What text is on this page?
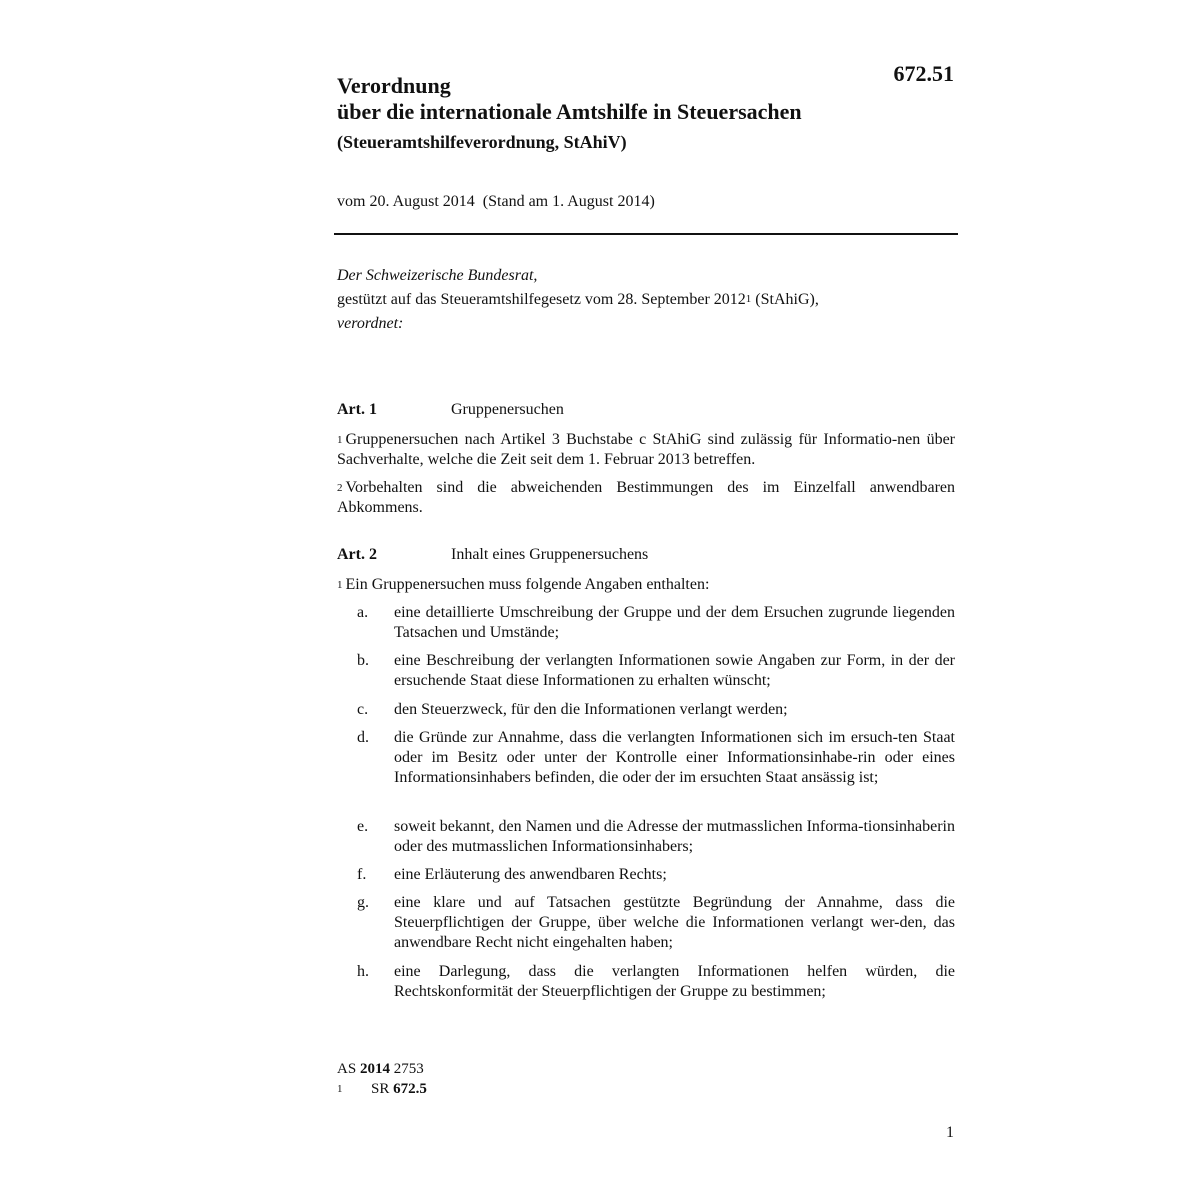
672.51
Verordnung
über die internationale Amtshilfe in Steuersachen
(Steueramtshilfeverordnung, StAhiV)
vom 20. August 2014  (Stand am 1. August 2014)
Der Schweizerische Bundesrat,
gestützt auf das Steueramtshilfegesetz vom 28. September 2012$^1$ (StAhiG),
verordnet:
Art. 1	Gruppenersuchen
$^1$ Gruppenersuchen nach Artikel 3 Buchstabe c StAhiG sind zulässig für Informatio-nen über Sachverhalte, welche die Zeit seit dem 1. Februar 2013 betreffen.
$^2$ Vorbehalten sind die abweichenden Bestimmungen des im Einzelfall anwendbaren Abkommens.
Art. 2	Inhalt eines Gruppenersuchens
$^1$ Ein Gruppenersuchen muss folgende Angaben enthalten:
a.	eine detaillierte Umschreibung der Gruppe und der dem Ersuchen zugrunde liegenden Tatsachen und Umstände;
b.	eine Beschreibung der verlangten Informationen sowie Angaben zur Form, in der der ersuchende Staat diese Informationen zu erhalten wünscht;
c.	den Steuerzweck, für den die Informationen verlangt werden;
d.	die Gründe zur Annahme, dass die verlangten Informationen sich im ersuch-ten Staat oder im Besitz oder unter der Kontrolle einer Informationsinhabe-rin oder eines Informationsinhabers befinden, die oder der im ersuchten Staat ansässig ist;
e.	soweit bekannt, den Namen und die Adresse der mutmasslichen Informa-tionsinhaberin oder des mutmasslichen Informationsinhabers;
f.	eine Erläuterung des anwendbaren Rechts;
g.	eine klare und auf Tatsachen gestützte Begründung der Annahme, dass die Steuerpflichtigen der Gruppe, über welche die Informationen verlangt wer-den, das anwendbare Recht nicht eingehalten haben;
h.	eine Darlegung, dass die verlangten Informationen helfen würden, die Rechtskonformität der Steuerpflichtigen der Gruppe zu bestimmen;
AS 2014 2753
1 SR 672.5
1
